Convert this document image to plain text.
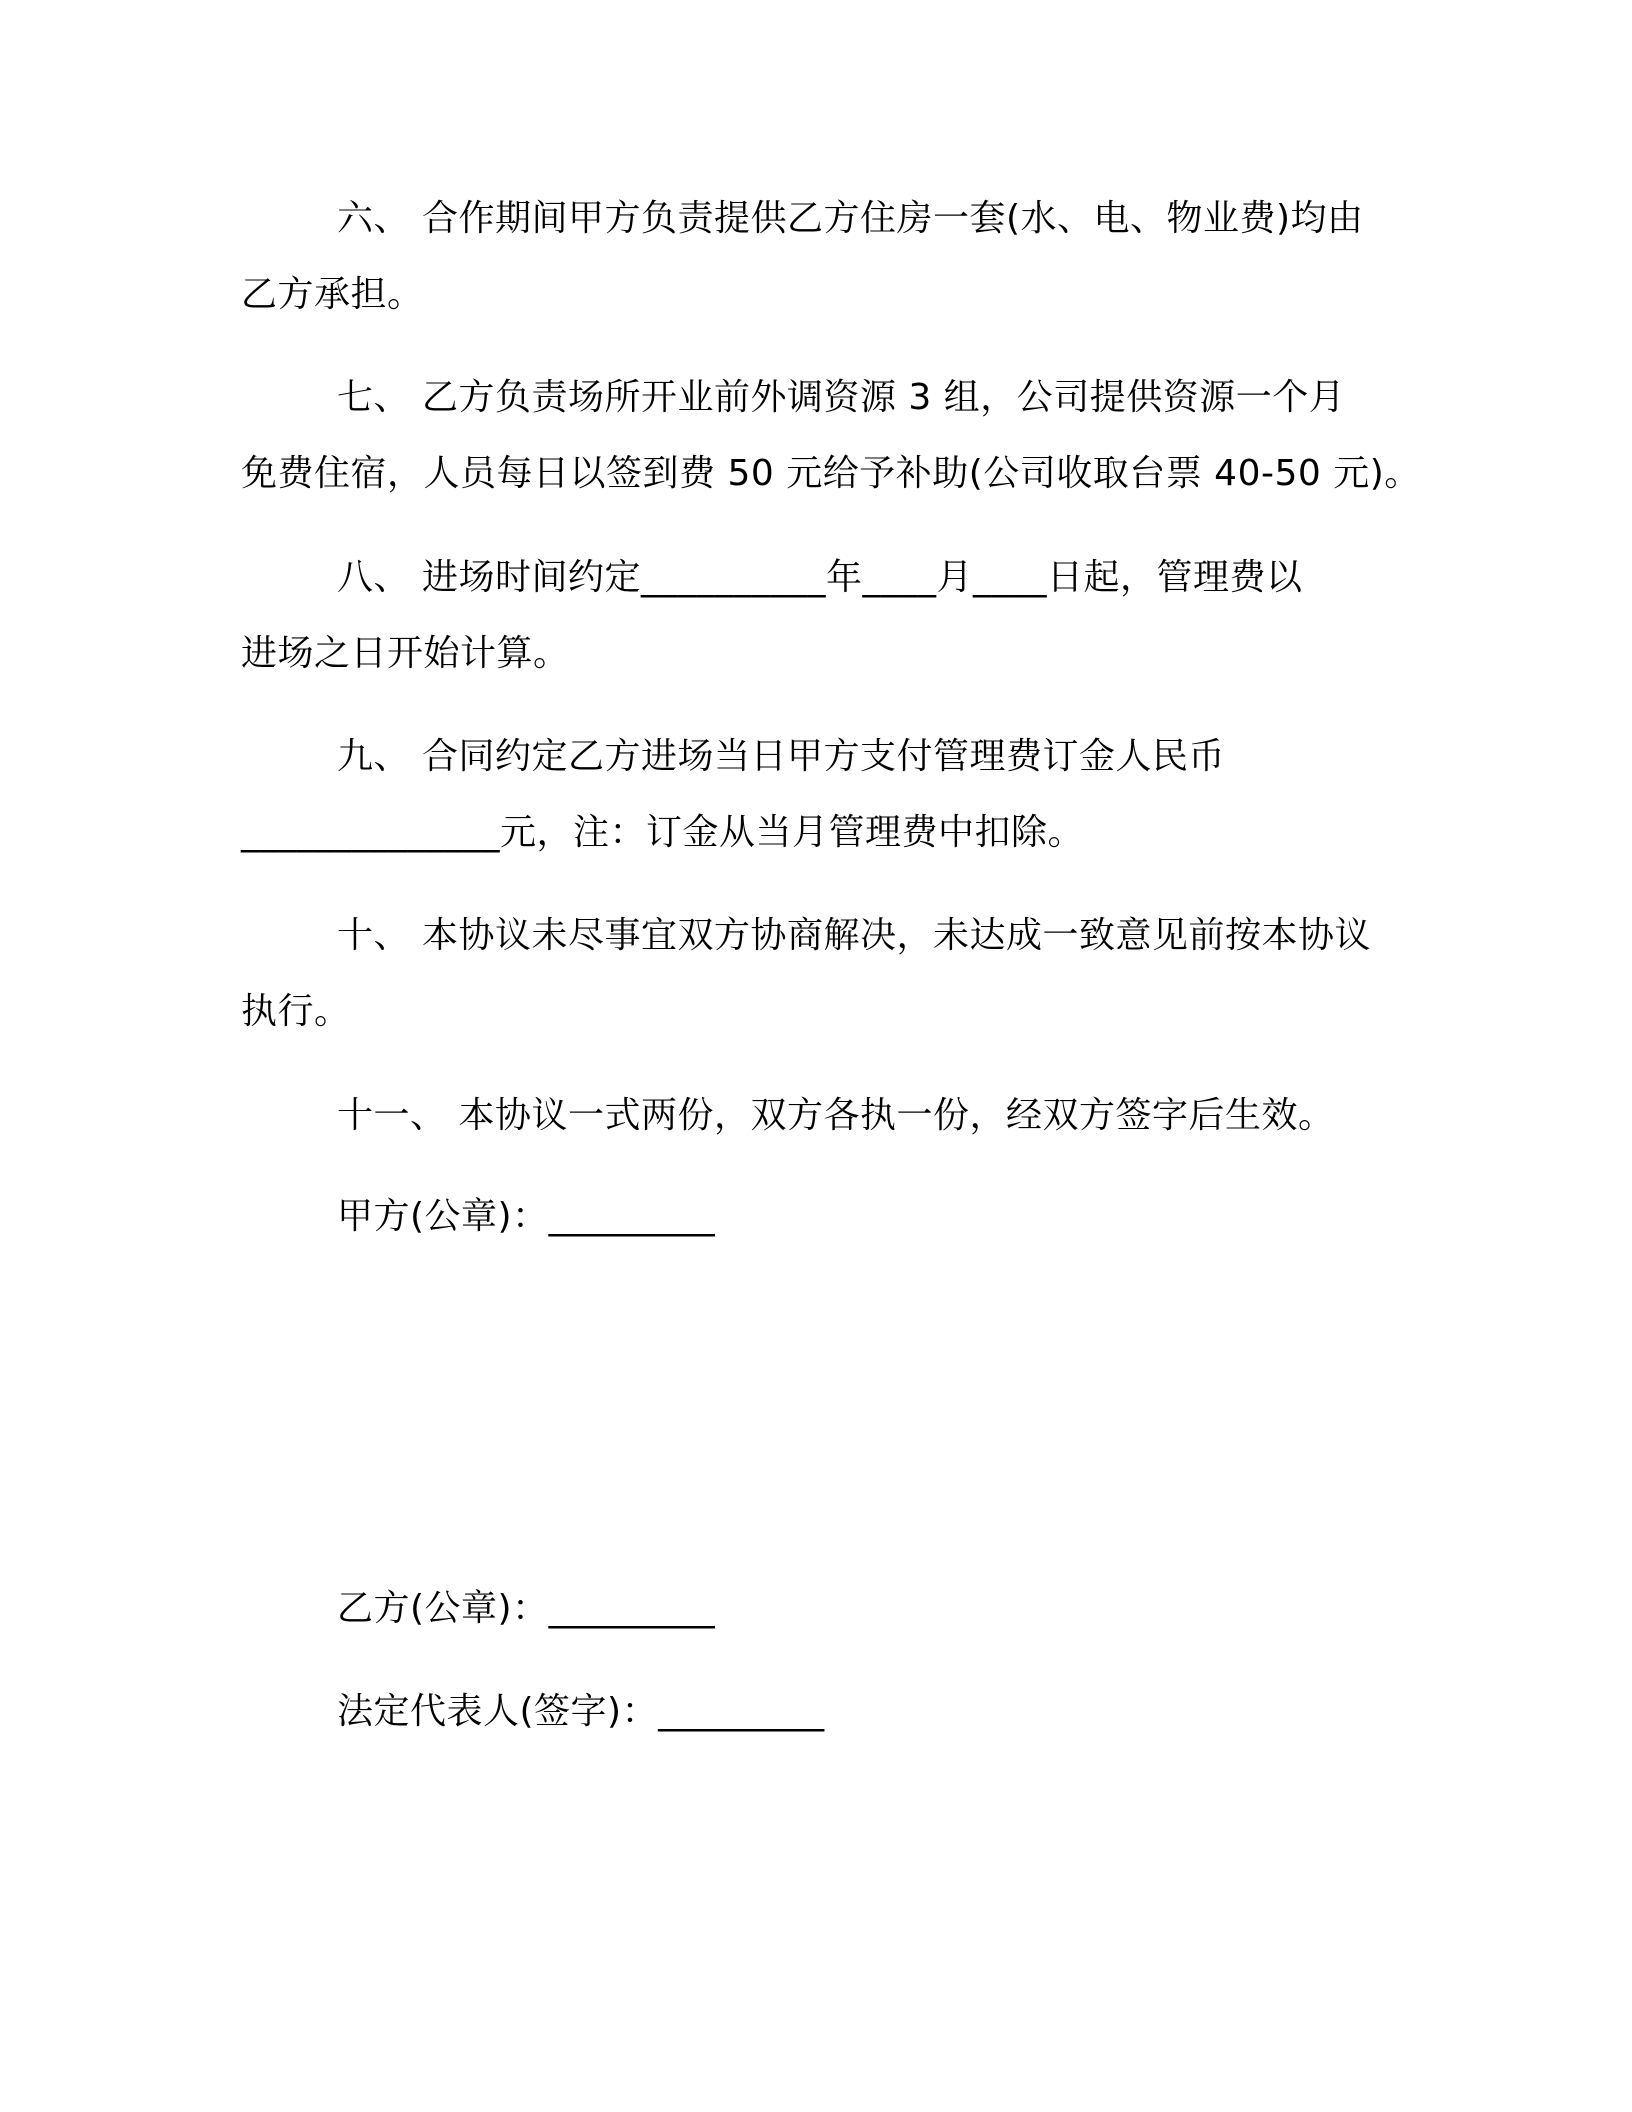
六、 合作期间甲方负责提供乙方住房一套(水、电、物业费)均由
乙方承担。
七、 乙方负责场所开业前外调资源 3 组，公司提供资源一个月
免费住宿，人员每日以签到费 50 元给予补助(公司收取台票 40-50 元)。
八、 进场时间约定__________年____月____日起，管理费以
进场之日开始计算。
九、 合同约定乙方进场当日甲方支付管理费订金人民币
______________元，注：订金从当月管理费中扣除。
十、 本协议未尽事宜双方协商解决，未达成一致意见前按本协议
执行。
十一、 本协议一式两份，双方各执一份，经双方签字后生效。
甲方(公章)：_________
乙方(公章)：_________
法定代表人(签字)：_________
